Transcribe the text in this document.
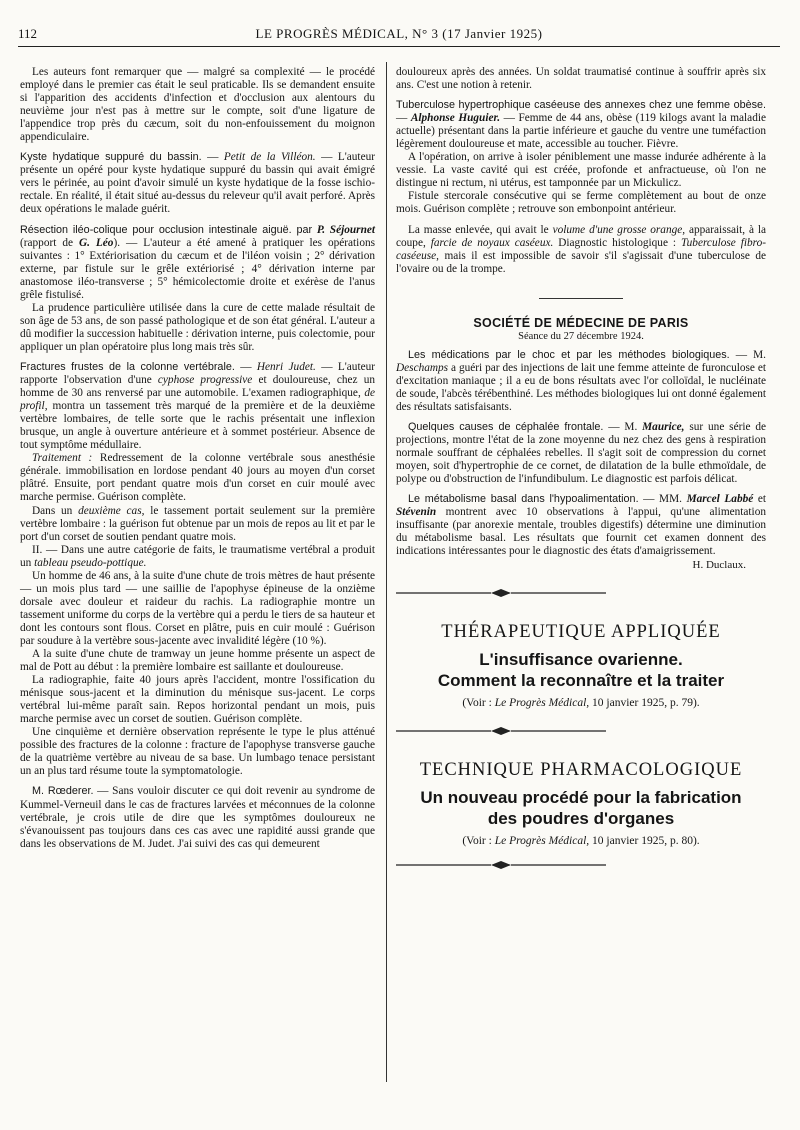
112	LE PROGRÈS MÉDICAL, N° 3 (17 Janvier 1925)

Les auteurs font remarquer que — malgré sa complexité — le procédé employé dans le premier cas était le seul praticable. Ils se demandent ensuite si l'apparition des accidents d'infection et d'occlusion aux alentours du neuvième jour n'est pas à mettre sur le compte, soit d'une ligature de l'appendice trop près du cæcum, soit du non-enfouissement du moignon appendiculaire.

Kyste hydatique suppuré du bassin. — Petit de la Villéon. — L'auteur présente un opéré pour kyste hydatique suppuré du bassin qui avait émigré vers le périnée, au point d'avoir simulé un kyste hydatique de la fosse ischio-rectale. En réalité, il était situé au-dessus du releveur qu'il avait perforé. Après deux opérations le malade guérit.

Résection iléo-colique pour occlusion intestinale aiguë. par P. Séjournet (rapport de G. Léo). — L'auteur a été amené à pratiquer les opérations suivantes : 1° Extériorisation du cæcum et de l'iléon voisin ; 2° dérivation externe, par fistule sur le grêle extériorisé ; 4° dérivation interne par anastomose iléo-transverse ; 5° hémicolectomie droite et exérèse de l'anus grêle fistulisé.

La prudence particulière utilisée dans la cure de cette malade résultait de son âge de 53 ans, de son passé pathologique et de son état général. L'auteur a dû modifier la succession habituelle : dérivation interne, puis colectomie, pour appliquer un plan opératoire plus long mais très sûr.

Fractures frustes de la colonne vertébrale. — Henri Judet. — L'auteur rapporte l'observation d'une cyphose progressive et douloureuse, chez un homme de 30 ans renversé par une automobile. L'examen radiographique, de profil, montra un tassement très marqué de la première et de la deuxième vertèbre lombaires, de telle sorte que le rachis présentait une inflexion brusque, un angle à ouverture antérieure et à sommet postérieur. Absence de tout symptôme médullaire.

Traitement : Redressement de la colonne vertébrale sous anesthésie générale. immobilisation en lordose pendant 40 jours au moyen d'un corset plâtré. Ensuite, port pendant quatre mois d'un corset en cuir moulé avec marche permise. Guérison complète.

Dans un deuxième cas, le tassement portait seulement sur la première vertèbre lombaire : la guérison fut obtenue par un mois de repos au lit et par le port d'un corset de soutien pendant quatre mois.

II. — Dans une autre catégorie de faits, le traumatisme vertébral a produit un tableau pseudo-pottique.

Un homme de 46 ans, à la suite d'une chute de trois mètres de haut présente — un mois plus tard — une saillie de l'apophyse épineuse de la onzième dorsale avec douleur et raideur du rachis. La radiographie montre un tassement uniforme du corps de la vertèbre qui a perdu le tiers de sa hauteur et dont les contours sont flous. Corset en plâtre, puis en cuir moulé : Guérison par soudure à la vertèbre sous-jacente avec invalidité légère (10 %).

A la suite d'une chute de tramway un jeune homme présente un aspect de mal de Pott au début : la première lombaire est saillante et douloureuse.

La radiographie, faite 40 jours après l'accident, montre l'ossification du ménisque sous-jacent et la diminution du ménisque sus-jacent. Le corps vertébral lui-même paraît sain. Repos horizontal pendant un mois, puis marche permise avec un corset de soutien. Guérison complète.

Une cinquième et dernière observation représente le type le plus atténué possible des fractures de la colonne : fracture de l'apophyse transverse gauche de la quatrième vertèbre au niveau de sa base. Un lumbago tenace persistant un an plus tard résume toute la symptomatologie.

M. Rœderer. — Sans vouloir discuter ce qui doit revenir au syndrome de Kummel-Verneuil dans le cas de fractures larvées et méconnues de la colonne vertébrale, je crois utile de dire que les symptômes douloureux ne s'évanouissent pas toujours dans ces cas avec une rapidité aussi grande que dans les observations de M. Judet. J'ai suivi des cas qui demeurent

douloureux après des années. Un soldat traumatisé continue à souffrir après six ans. C'est une notion à retenir.

Tuberculose hypertrophique caséeuse des annexes chez une femme obèse. — Alphonse Huguier. — Femme de 44 ans, obèse (119 kilogs avant la maladie actuelle) présentant dans la partie inférieure et gauche du ventre une tuméfaction légèrement douloureuse et mate, accessible au toucher. Fièvre.

A l'opération, on arrive à isoler péniblement une masse indurée adhérente à la vessie. La vaste cavité qui est créée, profonde et anfractueuse, où l'on ne distingue ni rectum, ni utérus, est tamponnée par un Mickulicz.

Fistule stercorale consécutive qui se ferme complètement au bout de onze mois. Guérison complète ; retrouve son embonpoint antérieur.

La masse enlevée, qui avait le volume d'une grosse orange, apparaissait, à la coupe, farcie de noyaux caséeux. Diagnostic histologique : Tuberculose fibro-caséeuse, mais il est impossible de savoir s'il s'agissait d'une tuberculose de l'ovaire ou de la trompe.

SOCIÉTÉ DE MÉDECINE DE PARIS
Séance du 27 décembre 1924.

Les médications par le choc et par les méthodes biologiques. — M. Deschamps a guéri par des injections de lait une femme atteinte de furonculose et d'excitation maniaque ; il a eu de bons résultats avec l'or colloïdal, le nucléinate de soude, l'abcès térébenthiné. Les méthodes biologiques lui ont donné également des résultats satisfaisants.

Quelques causes de céphalée frontale. — M. Maurice, sur une série de projections, montre l'état de la zone moyenne du nez chez des gens à respiration normale souffrant de céphalées rebelles. Il s'agit soit de compression du cornet moyen, soit d'hypertrophie de ce cornet, de dilatation de la bulle ethmoïdale, de polype ou d'obstruction de l'infundibulum. Le diagnostic est parfois délicat.

Le métabolisme basal dans l'hypoalimentation. — MM. Marcel Labbé et Stévenin montrent avec 10 observations à l'appui, qu'une alimentation insuffisante (par anorexie mentale, troubles digestifs) détermine une diminution du métabolisme basal. Les résultats que fournit cet examen donnent des indications intéressantes pour le diagnostic des états d'amaigrissement.

H. Duclaux.

THÉRAPEUTIQUE APPLIQUÉE
L'insuffisance ovarienne.
Comment la reconnaître et la traiter
(Voir : Le Progrès Médical, 10 janvier 1925, p. 79).
TECHNIQUE PHARMACOLOGIQUE
Un nouveau procédé pour la fabrication
des poudres d'organes
(Voir : Le Progrès Médical, 10 janvier 1925, p. 80).
